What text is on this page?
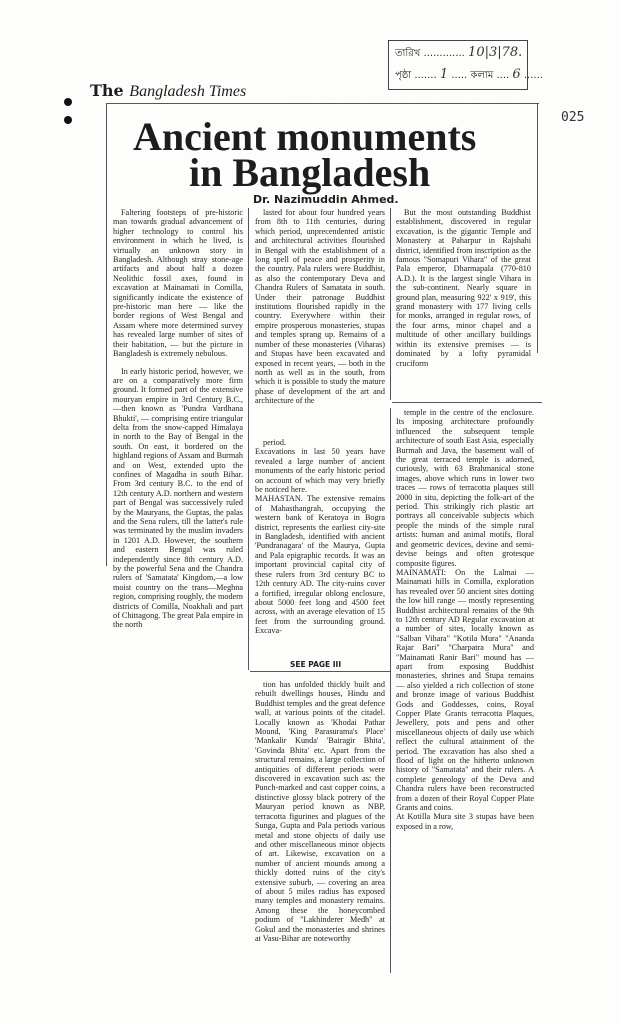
তারিখ ............. 10|3|78.
পৃষ্ঠা ....... 1 ..... কলাম .... 6 ......
The Bangladesh Times
025
Ancient monuments
in Bangladesh
Dr. Nazimuddin Ahmed.

Faltering footsteps of pre-historic man towards gradual advancement of higher technology to control his environment in which he lived, is virtually an unknown story in Bangladesh. Although stray stone-age artifacts and about half a dozen Neolithic fossil axes, found in excavation at Mainamati in Comilla, significantly indicate the existence of pre-historic man here — like the border regions of West Bengal and Assam where more determined survey has revealed large number of sites of their habitation, — but the picture in Bangladesh is extremely nebulous.

In early historic period, however, we are on a comparatively more firm ground. It formed part of the extensive mouryan empire in 3rd Century B.C.,—then known as 'Pundra Vardhana Bhukti', — comprising entire triangular delta from the snow-capped Himalaya in north to the Bay of Bengal in the south. On east, it bordered on the highland regions of Assam and Burmah and on West, extended upto the confines of Magadha in south Bihar. From 3rd century B.C. to the end of 12th century A.D. northern and western part of Bengal was successively ruled by the Mauryans, the Guptas, the palas and the Sena rulers, till the latter's rule was terminated by the muslim invaders in 1201 A.D. However, the southern and eastern Bengal was ruled independently since 8th century A.D. by the powerful Sena and the Chandra rulers of 'Samatata' Kingdom,—a low moist country on the trans—Meghna region, comprising roughly, the modern districts of Comilla, Noakhali and part of Chittagong. The great Pala empire in the north

lasted for about four hundred years from 8th to 11th centuries, during which period, unprecendented artistic and architectural activities flourished in Bengal with the establishment of a long spell of peace and prosperity in the country. Pala rulers were Buddhist, as also the contemporary Deva and Chandra Rulers of Samatata in south. Under their patronage Buddhist institutions flourished rapidly in the country. Everywhere within their empire prosperous monasteries, stupas and temples sprang up. Remains of a number of these monasteries (Viharas) and Stupas have been excavated and exposed in recent years, — both in the north as well as in the south, from which it is possible to study the mature phase of development of the art and architecture of the

But the most outstanding Buddhist establishment, discovered in regular excavation, is the gigantic Temple and Monastery at Paharpur in Rajshahi district, identified from inscription as the famous "Somapuri Vihara" of the great Pala emperor, Dharmapala (770-810 A.D.). It is the largest single Vihara in the sub-continent. Nearly square in ground plan, measuring 922' x 919', this grand monastery with 177 living cells for monks, arranged in regular rows, of the four arms, minor chapel and a multitude of other ancillary buildings within its extensive premises — is dominated by a lofty pyramidal cruciform

period.
Excavations in last 50 years have revealed a large number of ancient monuments of the early historic period on account of which may very briefly be noticed here.
MAHASTAN. The extensive remains of Mahasthangrah, occupying the western bank of Keratoya in Bogra district, represents the earliest city-site in Bangladesh, identified with ancient 'Pundranagara' of the Maurya, Gupta and Pala epigraphic records. It was an important provincial capital city of these rulers from 3rd century BC to 12th century AD. The city-ruins cover a fortified, irregular oblong enclosure, about 5000 feet long and 4500 feet across, with an average elevation of 15 feet from the surrounding ground. Excava-

SEE PAGE III

temple in the centre of the enclosure. Its imposing architecture profoundly influenced the subsequent temple architecture of south East Asia, especially Burmah and Java, the basement wall of the great terraced temple is adorned, curiously, with 63 Brahmanical stone images, above which runs in lower two traces — rows of terracotta plaques still 2000 in situ, depicting the folk-art of the period. This strikingly rich plastic art portrays all conceivable subjects which people the minds of the simple rural artists: human and animal motifs, floral and geometric devices, devine and semi-devise beings and often grotesque composite figures.
MAINAMATI: On the Lalmai — Mainamati hills in Comilla, exploration has revealed over 50 ancient sites dotting the low hill range — mostly representing Buddhist architectural remains of the 9th to 12th century AD Regular excavation at a number of sites, locally known as "Salban Vihara" "Kotila Mura" "Ananda Rajar Bari" "Charpatra Mura" and "Mainamati Ranir Bari" mound has — apart from exposing Buddhist monasteries, shrines and Stupa remains — also yielded a rich collection of stone and bronze image of various Buddhist Gods and Goddesses, coins, Royal Copper Plate Grants terracotta Plaques, Jewellery, pots and pens and other miscellaneous objects of daily use which reflect the cultural attainment of the period. The excavation has also shed a flood of light on the hitherto unknown history of "Samatata" and their rulers. A complete geneology of the Deva and Chandra rulers have been reconstructed from a dozen of their Royal Copper Plate Grants and coins.
At Kotilla Mura site 3 stupas have been exposed in a row,

tion has unfolded thickly built and rebuilt dwellings houses, Hindu and Buddhist temples and the great defence wall, at various points of the citadel. Locally known as 'Khodai Pathar Mound, 'King Parasurama's Place' 'Mankalir Kunda' 'Bairagir Bhita', 'Govinda Bhita' etc. Apart from the structural remains, a large collection of antiquities of different periods were discovered in excavation such as: the Punch-marked and cast copper coins, a distinctive glossy black potrery of the Mauryan period known as NBP, terracotta figurines and plagues of the Sunga, Gupta and Pala periods various metal and stone objects of daily use and other miscellaneous minor objects of art. Likewise, excavation on a number of ancient mounds among a thickly dotted ruins of the city's extensive suburb, — covering an area of about 5 miles radius has exposed many temples and monastery remains. Among these the honeycombed podium of "Lakhinderer Medh" at Gokul and the monasteries and shrines at Vasu-Bihar are noteworthy
